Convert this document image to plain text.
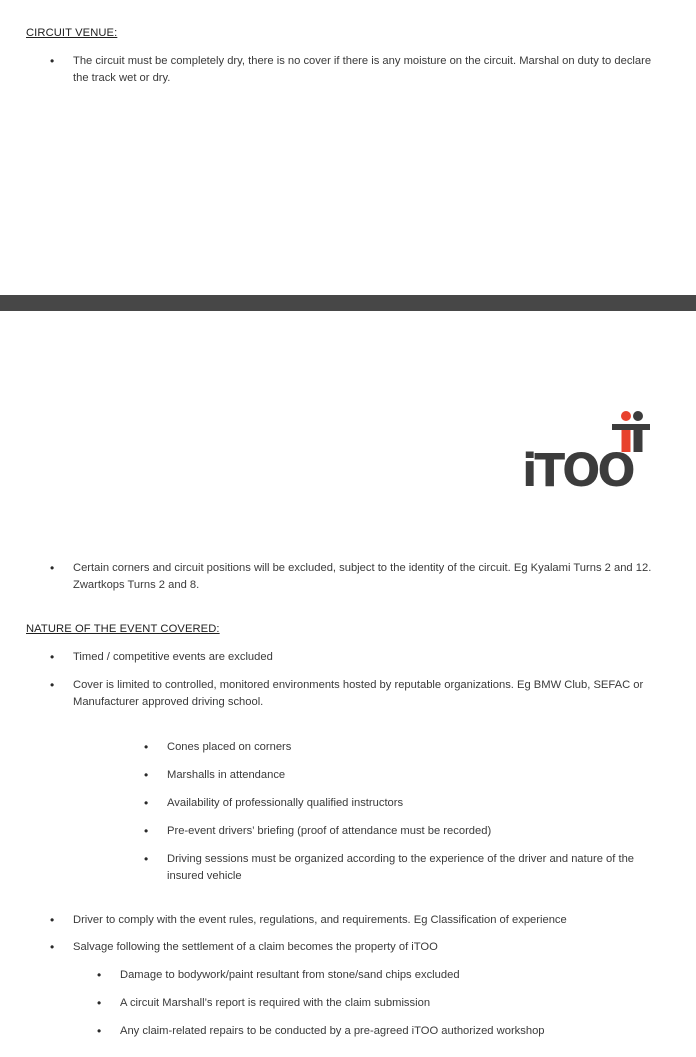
CIRCUIT VENUE:
• The circuit must be completely dry, there is no cover if there is any moisture on the circuit. Marshal on duty to declare the track wet or dry.

iTOO

• Certain corners and circuit positions will be excluded, subject to the identity of the circuit. Eg Kyalami Turns 2 and 12. Zwartkops Turns 2 and 8.
NATURE OF THE EVENT COVERED:
• Timed / competitive events are excluded
• Cover is limited to controlled, monitored environments hosted by reputable organizations. Eg BMW Club, SEFAC or Manufacturer approved driving school.
• Cones placed on corners
• Marshalls in attendance
• Availability of professionally qualified instructors
• Pre-event drivers’ briefing (proof of attendance must be recorded)
• Driving sessions must be organized according to the experience of the driver and nature of the insured vehicle
• Driver to comply with the event rules, regulations, and requirements. Eg Classification of experience
• Salvage following the settlement of a claim becomes the property of iTOO
• Damage to bodywork/paint resultant from stone/sand chips excluded
• A circuit Marshall’s report is required with the claim submission
• Any claim-related repairs to be conducted by a pre-agreed iTOO authorized workshop
